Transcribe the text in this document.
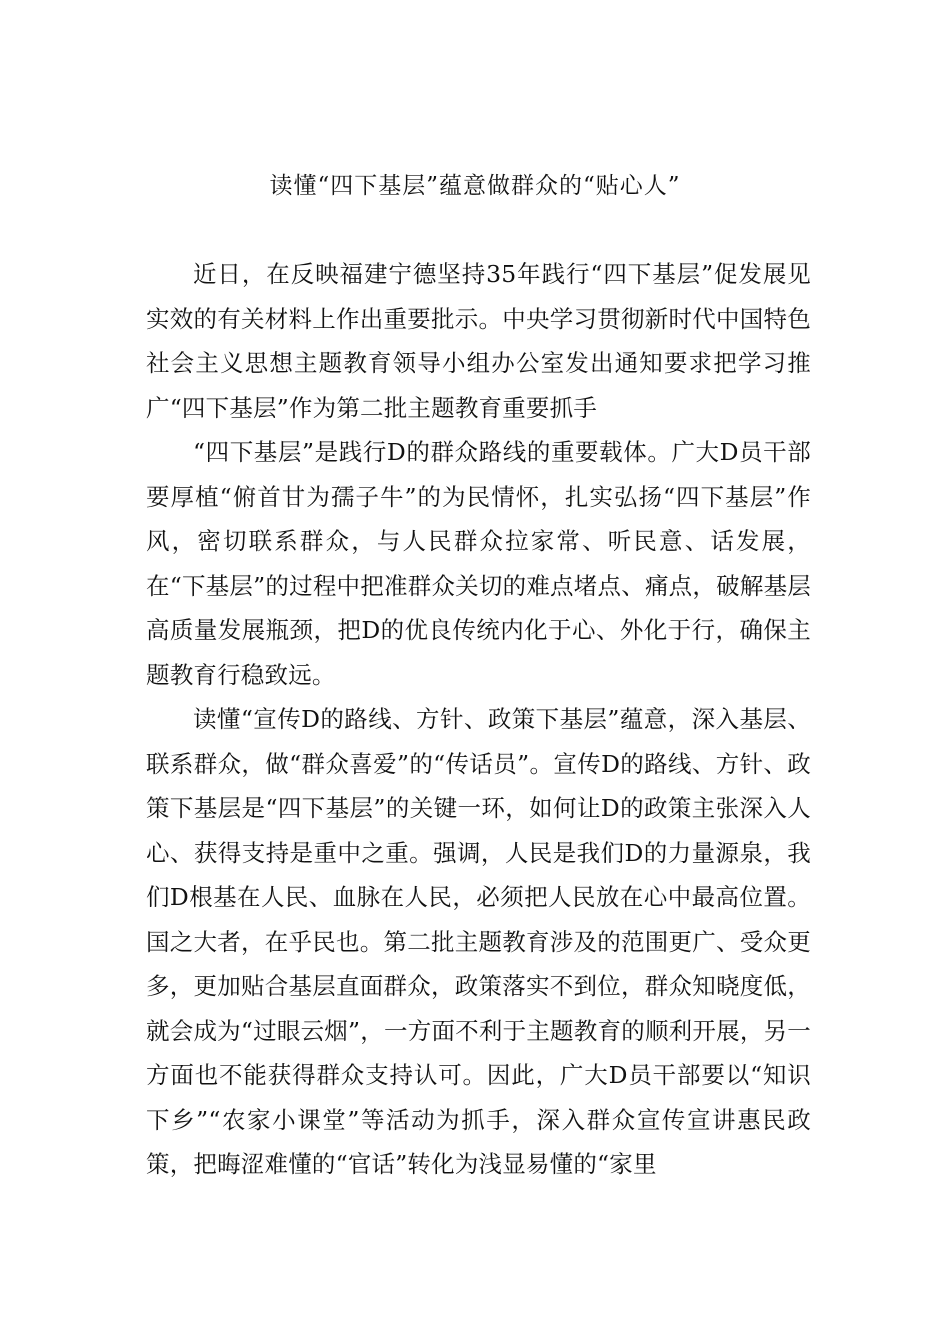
读懂“四下基层”蕴意做群众的“贴心人”

近日，在反映福建宁德坚持35年践行“四下基层”促发展见实效的有关材料上作出重要批示。中央学习贯彻新时代中国特色社会主义思想主题教育领导小组办公室发出通知要求把学习推广“四下基层”作为第二批主题教育重要抓手

“四下基层”是践行D的群众路线的重要载体。广大D员干部要厚植“俯首甘为孺子牛”的为民情怀，扎实弘扬“四下基层”作风，密切联系群众，与人民群众拉家常、听民意、话发展，在“下基层”的过程中把准群众关切的难点堵点、痛点，破解基层高质量发展瓶颈，把D的优良传统内化于心、外化于行，确保主题教育行稳致远。

读懂“宣传D的路线、方针、政策下基层”蕴意，深入基层、联系群众，做“群众喜爱”的“传话员”。宣传D的路线、方针、政策下基层是“四下基层”的关键一环，如何让D的政策主张深入人心、获得支持是重中之重。强调，人民是我们D的力量源泉，我们D根基在人民、血脉在人民，必须把人民放在心中最高位置。国之大者，在乎民也。第二批主题教育涉及的范围更广、受众更多，更加贴合基层直面群众，政策落实不到位，群众知晓度低，就会成为“过眼云烟”，一方面不利于主题教育的顺利开展，另一方面也不能获得群众支持认可。因此，广大D员干部要以“知识下乡”“农家小课堂”等活动为抓手，深入群众宣传宣讲惠民政策，把晦涩难懂的“官话”转化为浅显易懂的“家里
